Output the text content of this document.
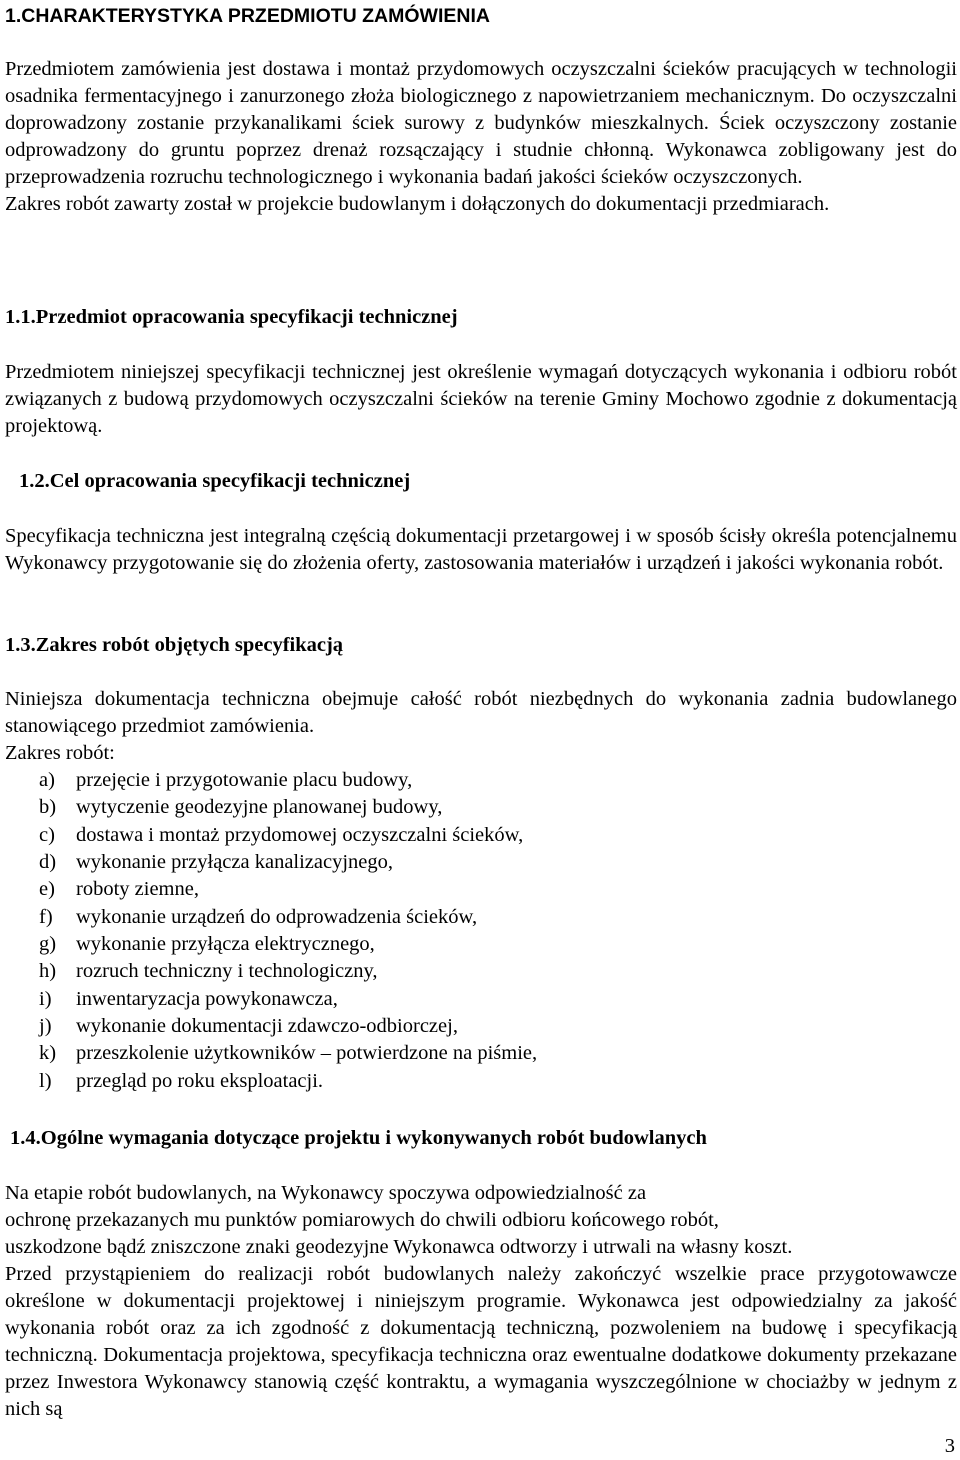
1.CHARAKTERYSTYKA PRZEDMIOTU ZAMÓWIENIA

Przedmiotem zamówienia jest dostawa i montaż przydomowych oczyszczalni ścieków pracujących w technologii osadnika fermentacyjnego i zanurzonego złoża biologicznego z napowietrzaniem mechanicznym. Do oczyszczalni doprowadzony zostanie przykanalikami ściek surowy z budynków mieszkalnych. Ściek oczyszczony zostanie odprowadzony do gruntu poprzez drenaż rozsączający i studnie chłonną. Wykonawca zobligowany jest do przeprowadzenia rozruchu technologicznego i wykonania badań jakości ścieków oczyszczonych.

Zakres robót zawarty został w projekcie budowlanym i dołączonych do dokumentacji przedmiarach.

1.1.Przedmiot opracowania specyfikacji technicznej

Przedmiotem niniejszej specyfikacji technicznej jest określenie wymagań dotyczących wykonania i odbioru robót związanych z budową przydomowych oczyszczalni ścieków na terenie Gminy Mochowo zgodnie z dokumentacją projektową.

1.2.Cel opracowania specyfikacji technicznej

Specyfikacja techniczna jest integralną częścią dokumentacji przetargowej i w sposób ścisły określa potencjalnemu Wykonawcy przygotowanie się do złożenia oferty, zastosowania materiałów i urządzeń i jakości wykonania robót.

1.3.Zakres robót objętych specyfikacją

Niniejsza dokumentacja techniczna obejmuje całość robót niezbędnych do wykonania zadnia budowlanego stanowiącego przedmiot zamówienia.

Zakres robót:

a) przejęcie i przygotowanie placu budowy,
b) wytyczenie geodezyjne planowanej budowy,
c) dostawa i montaż przydomowej oczyszczalni ścieków,
d) wykonanie przyłącza kanalizacyjnego,
e) roboty ziemne,
f) wykonanie urządzeń do odprowadzenia ścieków,
g) wykonanie przyłącza elektrycznego,
h) rozruch techniczny i technologiczny,
i) inwentaryzacja powykonawcza,
j) wykonanie dokumentacji zdawczo-odbiorczej,
k) przeszkolenie użytkowników – potwierdzone na piśmie,
l) przegląd po roku eksploatacji.
1.4.Ogólne wymagania dotyczące projektu i wykonywanych robót budowlanych

Na etapie robót budowlanych, na Wykonawcy spoczywa odpowiedzialność za

ochronę przekazanych mu punktów pomiarowych do chwili odbioru końcowego robót,

uszkodzone bądź zniszczone znaki geodezyjne Wykonawca odtworzy i utrwali na własny koszt.

Przed przystąpieniem do realizacji robót budowlanych należy zakończyć wszelkie prace przygotowawcze określone w dokumentacji projektowej i niniejszym programie. Wykonawca jest odpowiedzialny za jakość wykonania robót oraz za ich zgodność z dokumentacją techniczną, pozwoleniem na budowę i specyfikacją techniczną. Dokumentacja projektowa, specyfikacja techniczna oraz ewentualne dodatkowe dokumenty przekazane przez Inwestora Wykonawcy stanowią część kontraktu, a wymagania wyszczególnione w chociażby w jednym z nich są

3
